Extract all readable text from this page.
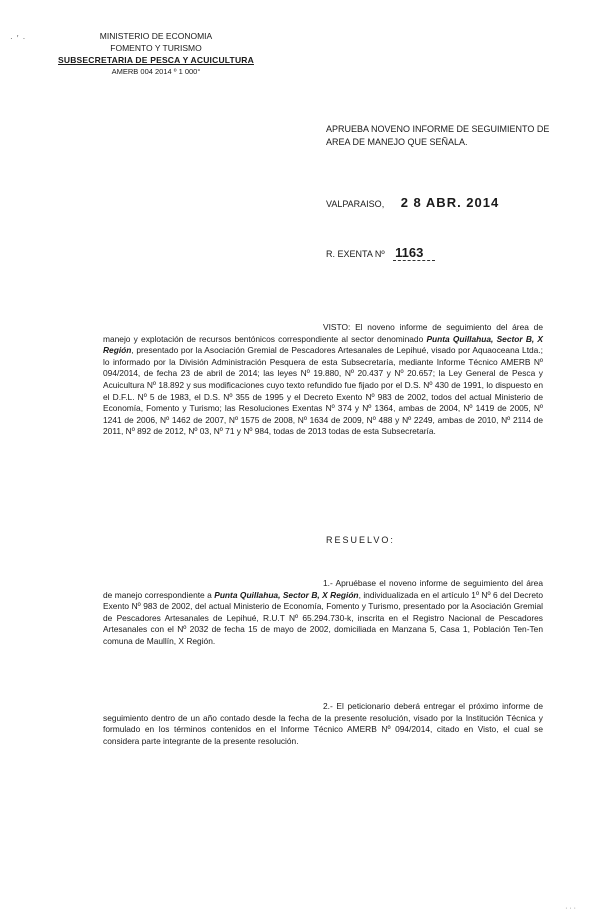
· ′ ·	MINISTERIO DE ECONOMIA
FOMENTO Y TURISMO
SUBSECRETARIA DE PESCA Y ACUICULTURA
AMERB 004 2014 º 1 000°
APRUEBA NOVENO INFORME DE SEGUIMIENTO DE AREA DE MANEJO QUE SEÑALA.
VALPARAISO, 2 8 ABR. 2014
R. EXENTA Nº 1163
VISTO: El noveno informe de seguimiento del área de manejo y explotación de recursos bentónicos correspondiente al sector denominado Punta Quillahua, Sector B, X Región, presentado por la Asociación Gremial de Pescadores Artesanales de Lepihué, visado por Aquaoceana Ltda.; lo informado por la División Administración Pesquera de esta Subsecretaría, mediante Informe Técnico AMERB Nº 094/2014, de fecha 23 de abril de 2014; las leyes Nº 19.880, Nº 20.437 y Nº 20.657; la Ley General de Pesca y Acuicultura Nº 18.892 y sus modificaciones cuyo texto refundido fue fijado por el D.S. Nº 430 de 1991, lo dispuesto en el D.F.L. Nº 5 de 1983, el D.S. Nº 355 de 1995 y el Decreto Exento Nº 983 de 2002, todos del actual Ministerio de Economía, Fomento y Turismo; las Resoluciones Exentas Nº 374 y Nº 1364, ambas de 2004, Nº 1419 de 2005, Nº 1241 de 2006, Nº 1462 de 2007, Nº 1575 de 2008, Nº 1634 de 2009, Nº 488 y Nº 2249, ambas de 2010, Nº 2114 de 2011, Nº 892 de 2012, Nº 03, Nº 71 y Nº 984, todas de 2013 todas de esta Subsecretaría.
RESUELVO:
1.- Apruébase el noveno informe de seguimiento del área de manejo correspondiente a Punta Quillahua, Sector B, X Región, individualizada en el artículo 1º Nº 6 del Decreto Exento Nº 983 de 2002, del actual Ministerio de Economía, Fomento y Turismo, presentado por la Asociación Gremial de Pescadores Artesanales de Lepihué, R.U.T Nº 65.294.730-k, inscrita en el Registro Nacional de Pescadores Artesanales con el Nº 2032 de fecha 15 de mayo de 2002, domiciliada en Manzana 5, Casa 1, Población Ten-Ten comuna de Maullín, X Región.
2.- El peticionario deberá entregar el próximo informe de seguimiento dentro de un año contado desde la fecha de la presente resolución, visado por la Institución Técnica y formulado en los términos contenidos en el Informe Técnico AMERB Nº 094/2014, citado en Visto, el cual se considera parte integrante de la presente resolución.
· · ·
